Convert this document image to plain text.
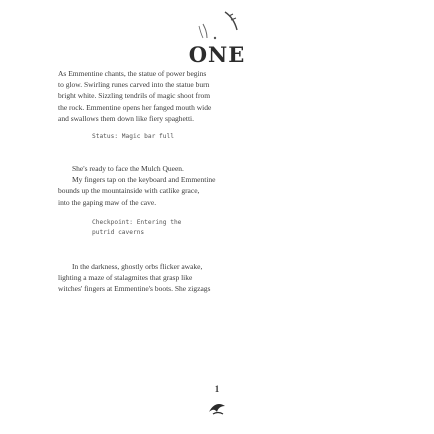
ONE

As Emmentine chants, the statue of power begins
to glow. Swirling runes carved into the statue burn
bright white. Sizzling tendrils of magic shoot from
the rock. Emmentine opens her fanged mouth wide
and swallows them down like fiery spaghetti.

Status: Magic bar full

She's ready to face the Mulch Queen.
My fingers tap on the keyboard and Emmentine
bounds up the mountainside with catlike grace,
into the gaping maw of the cave.

Checkpoint: Entering the
putrid caverns

In the darkness, ghostly orbs flicker awake,
lighting a maze of stalagmites that grasp like
witches' fingers at Emmentine's boots. She zigzags

1
